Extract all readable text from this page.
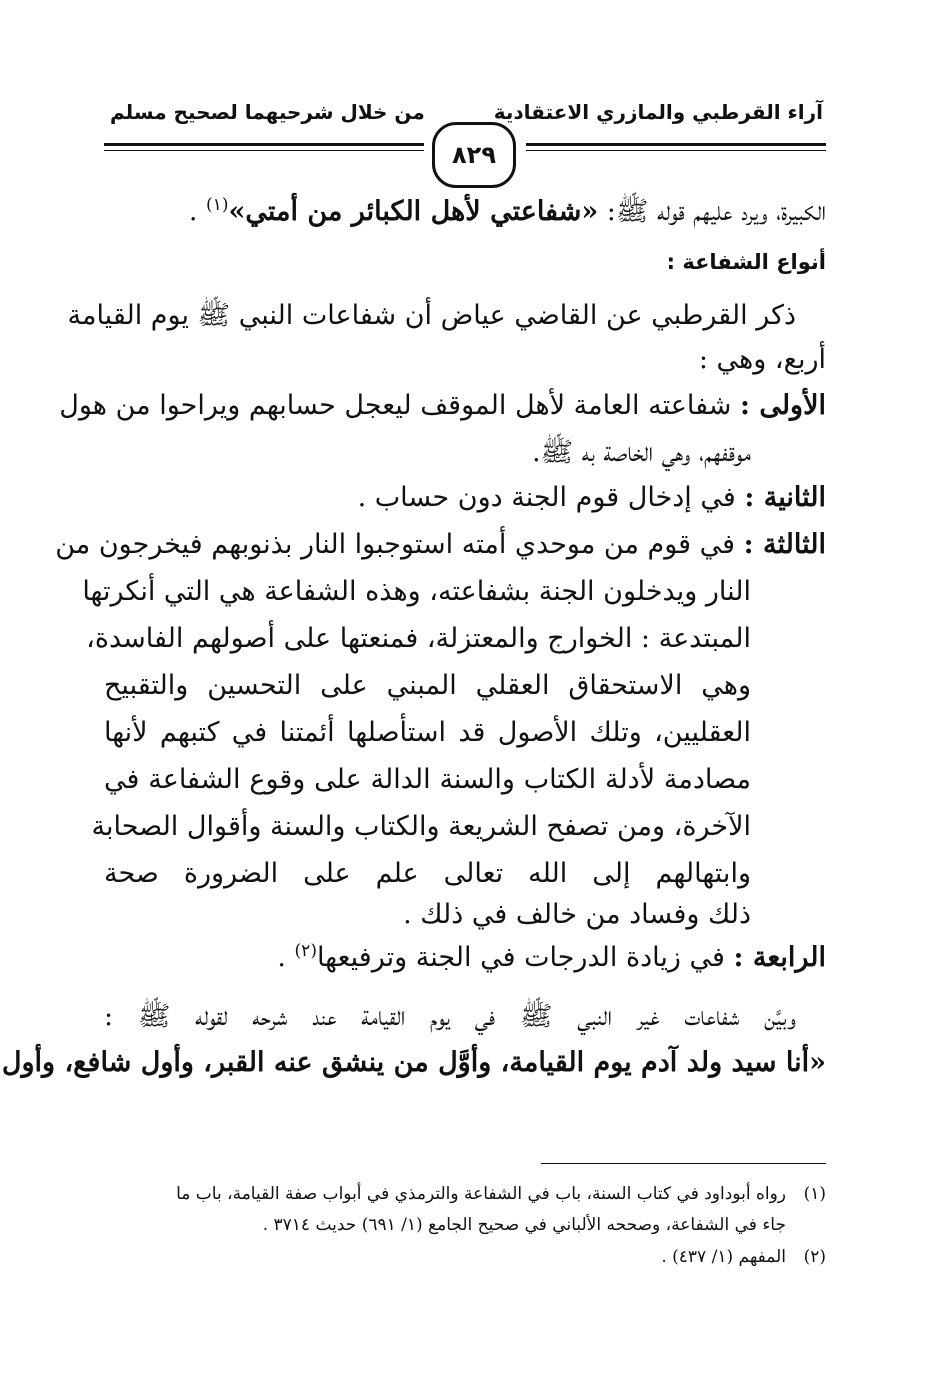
آراء القرطبي والمازري الاعتقادية
من خلال شرحيهما لصحيح مسلم
٨٢٩
الكبيرة، ويرد عليهم قوله ﷺ: «شفاعتي لأهل الكبائر من أمتي»$^{(١)}$ .
أنواع الشفاعة :
ذكر القرطبي عن القاضي عياض أن شفاعات النبي ﷺ يوم القيامة
أربع، وهي :
الأولى : شفاعته العامة لأهل الموقف ليعجل حسابهم ويراحوا من هول
موقفهم، وهي الخاصة به ﷺ.
الثانية : في إدخال قوم الجنة دون حساب .
الثالثة : في قوم من موحدي أمته استوجبوا النار بذنوبهم فيخرجون من
النار ويدخلون الجنة بشفاعته، وهذه الشفاعة هي التي أنكرتها
المبتدعة : الخوارج والمعتزلة، فمنعتها على أصولهم الفاسدة،
وهي الاستحقاق العقلي المبني على التحسين والتقبيح
العقليين، وتلك الأصول قد استأصلها أئمتنا في كتبهم لأنها
مصادمة لأدلة الكتاب والسنة الدالة على وقوع الشفاعة في
الآخرة، ومن تصفح الشريعة والكتاب والسنة وأقوال الصحابة
وابتهالهم إلى الله تعالى علم على الضرورة صحة
ذلك وفساد من خالف في ذلك .
الرابعة : في زيادة الدرجات في الجنة وترفيعها$^{(٢)}$ .
وبيَّن شفاعات غير النبي ﷺ في يوم القيامة عند شرحه لقوله ﷺ :
«أنا سيد ولد آدم يوم القيامة، وأوَّل من ينشق عنه القبر، وأول شافع، وأول
(١)رواه أبوداود في كتاب السنة، باب في الشفاعة والترمذي في أبواب صفة القيامة، باب ما
جاء في الشفاعة، وصححه الألباني في صحيح الجامع (١/ ٦٩١) حديث ٣٧١٤ .
(٢)المفهم (١/ ٤٣٧) .
